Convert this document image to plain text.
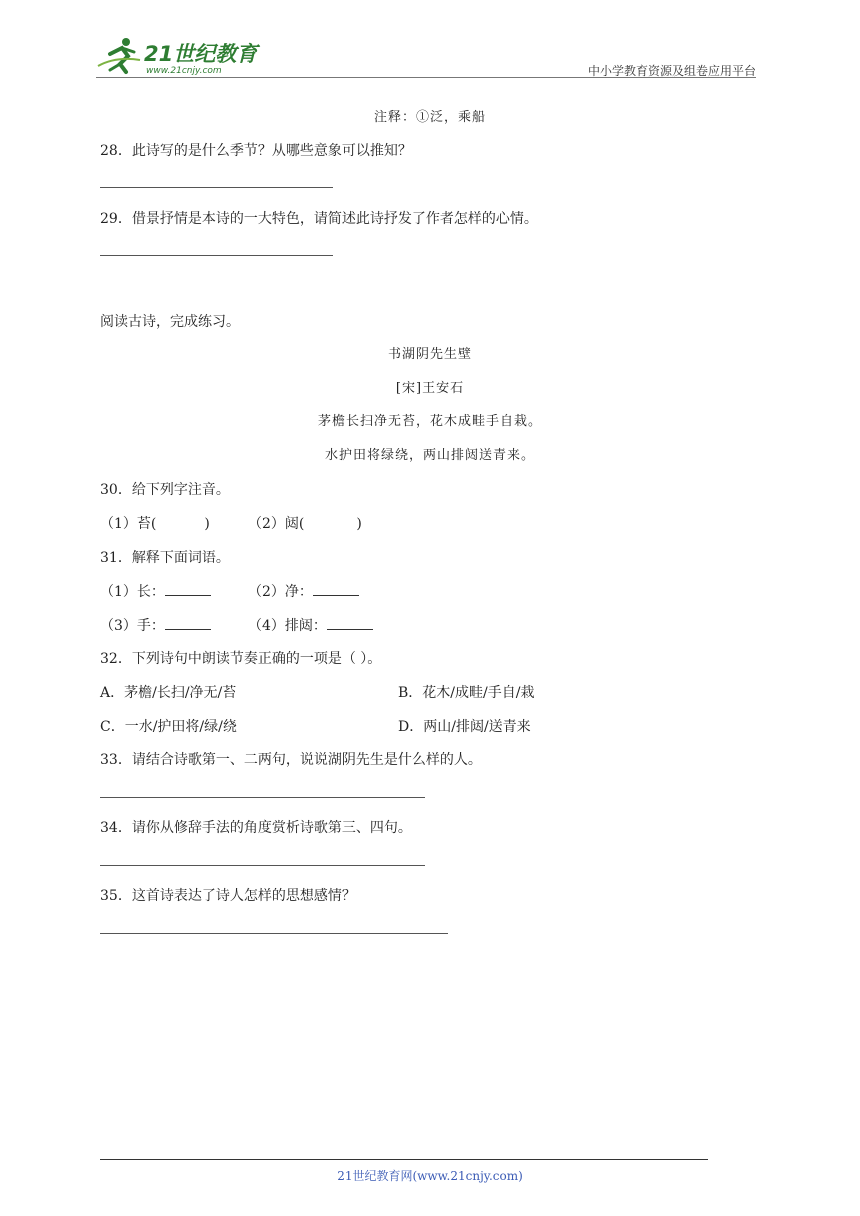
21世纪教育
www.21cnjy.com	中小学教育资源及组卷应用平台
注释：①泛，乘船
28．此诗写的是什么季节？从哪些意象可以推知？
29．借景抒情是本诗的一大特色，请简述此诗抒发了作者怎样的心情。
阅读古诗，完成练习。
书湖阴先生壁
[宋]王安石
茅檐长扫净无苔，花木成畦手自栽。
水护田将绿绕，两山排闼送青来。
30．给下列字注音。
（1）苔(	)	（2）闼(	)
31．解释下面词语。
（1）长：	（2）净：
（3）手：	（4）排闼：
32．下列诗句中朗读节奏正确的一项是（ ）。
A．茅檐/长扫/净无/苔	B．花木/成畦/手自/栽
C．一水/护田将/绿/绕	D．两山/排闼/送青来
33．请结合诗歌第一、二两句，说说湖阴先生是什么样的人。
34．请你从修辞手法的角度赏析诗歌第三、四句。
35．这首诗表达了诗人怎样的思想感情？
21世纪教育网(www.21cnjy.com)
